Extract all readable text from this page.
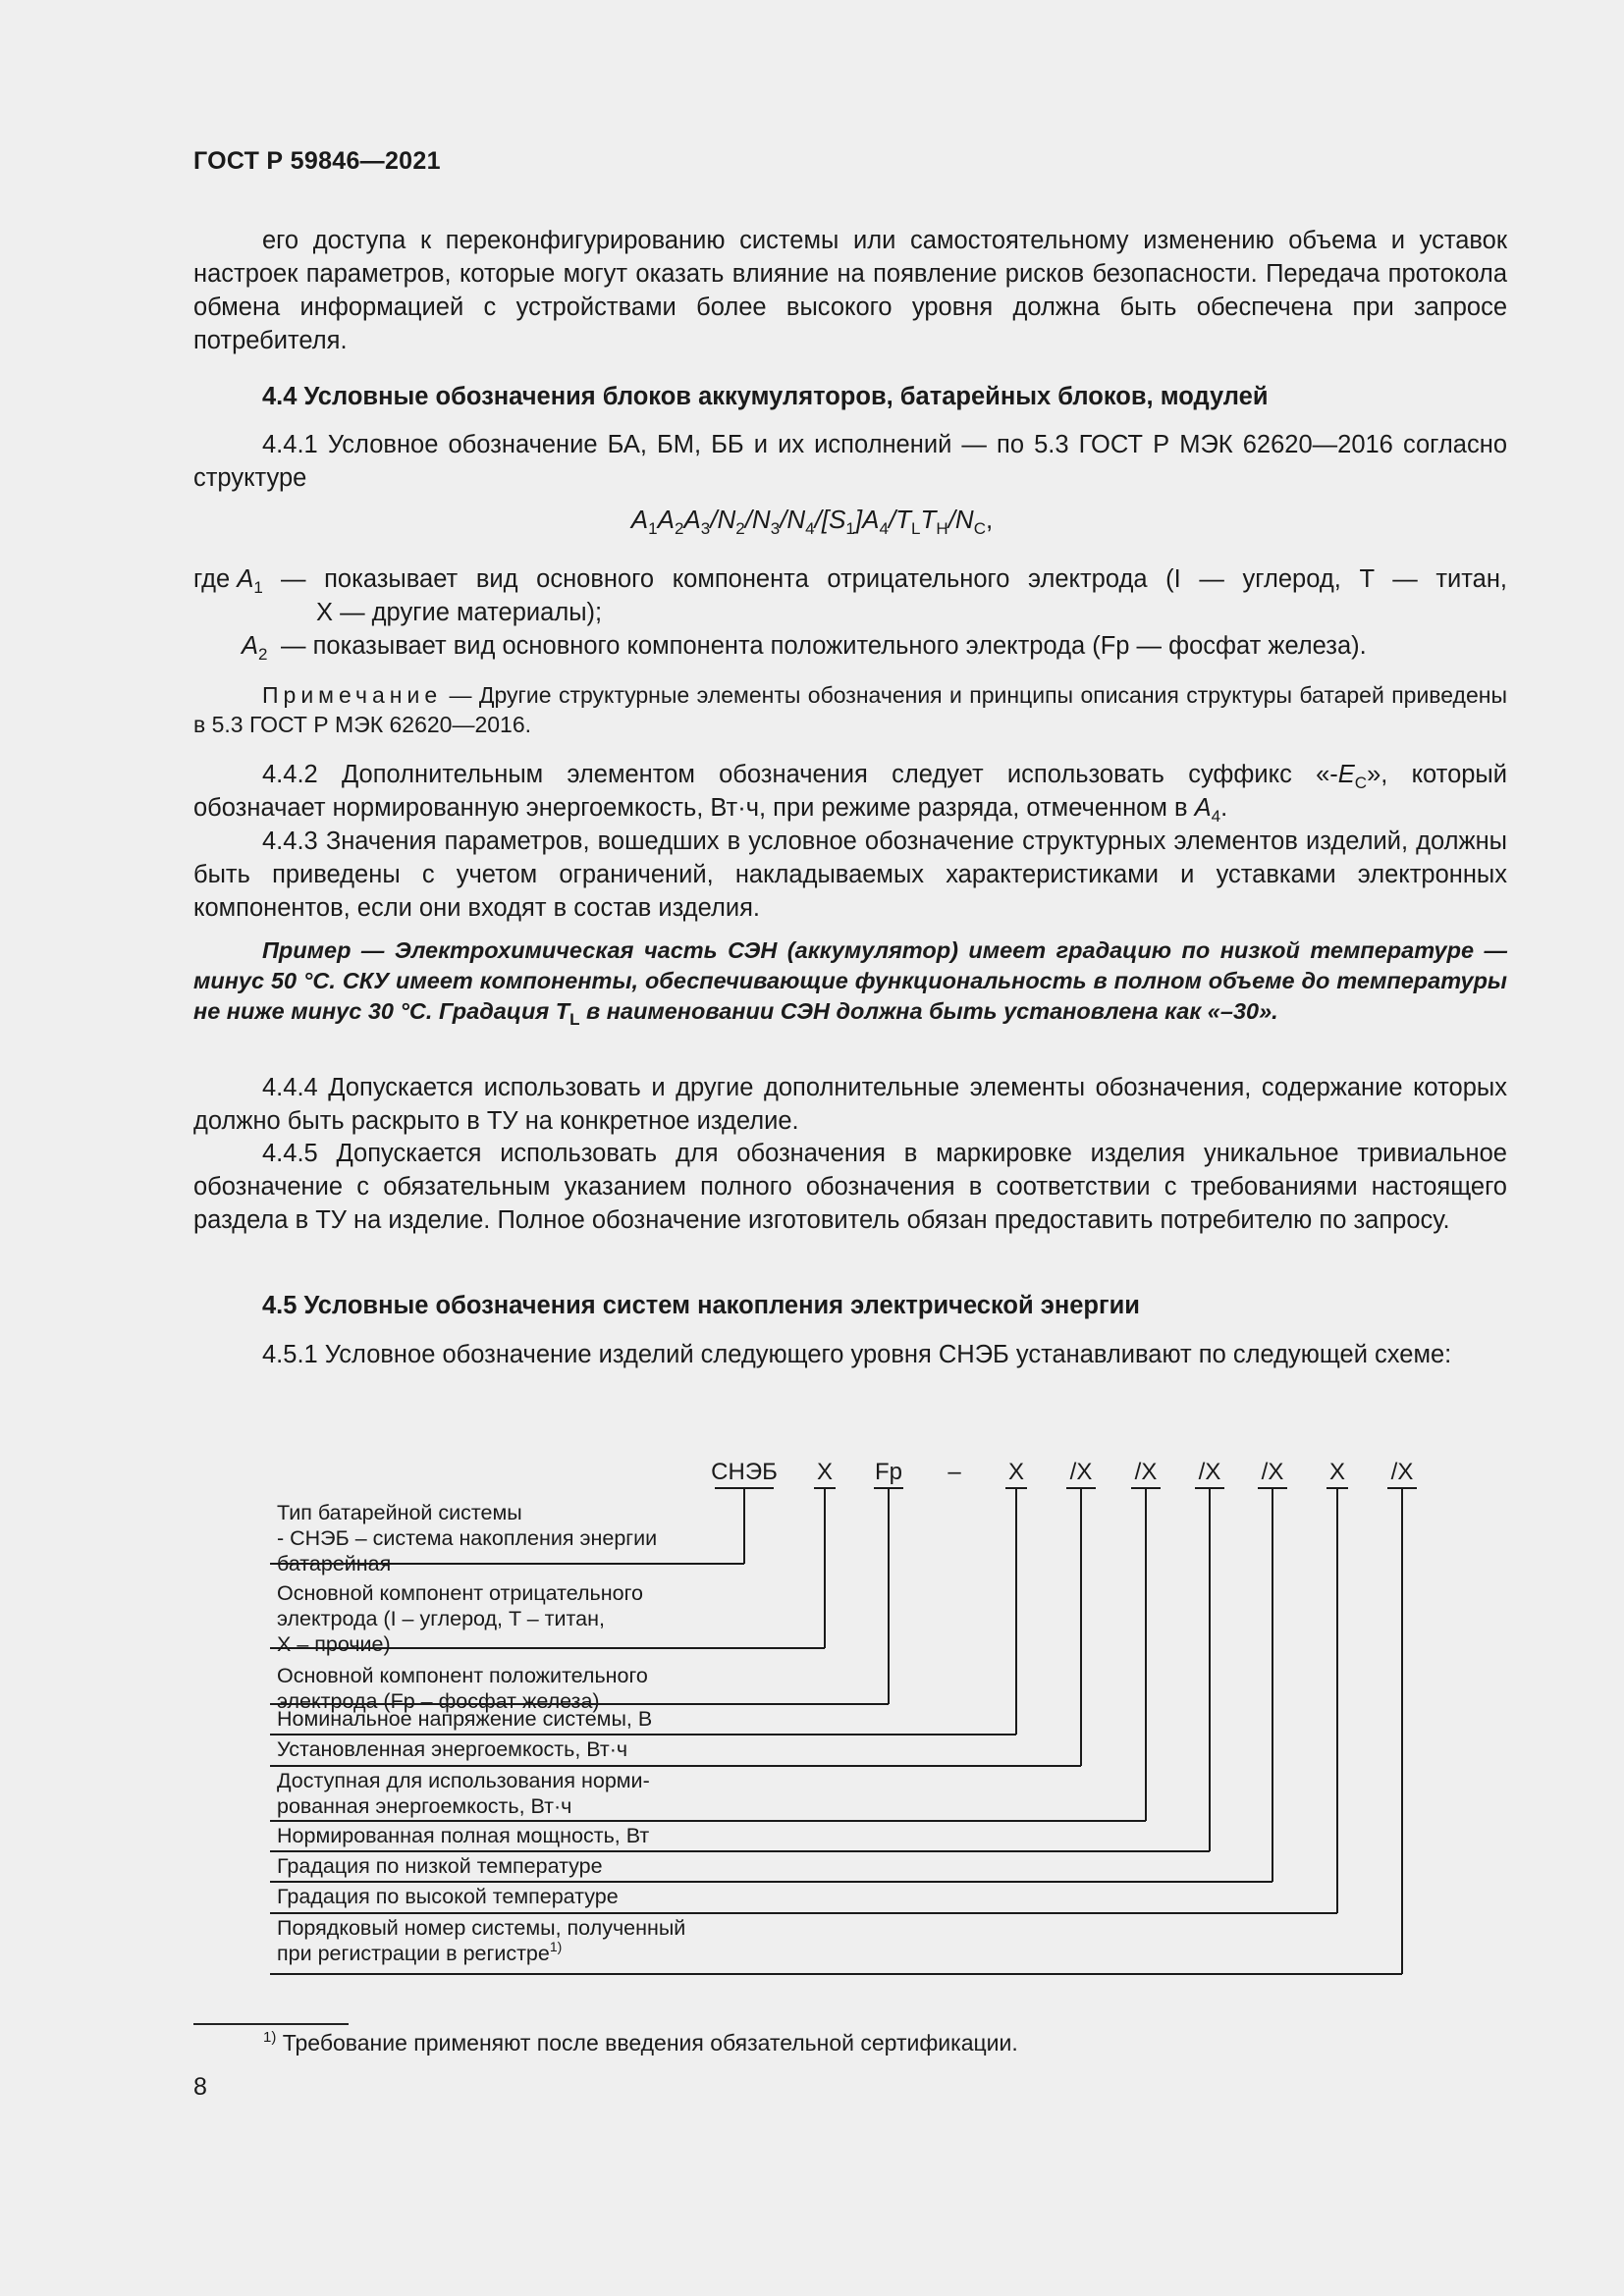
ГОСТ Р 59846—2021
его доступа к переконфигурированию системы или самостоятельному изменению объема и уставок настроек параметров, которые могут оказать влияние на появление рисков безопасности. Передача протокола обмена информацией с устройствами более высокого уровня должна быть обеспечена при запросе потребителя.
4.4 Условные обозначения блоков аккумуляторов, батарейных блоков, модулей
4.4.1 Условное обозначение БА, БМ, ББ и их исполнений — по 5.3 ГОСТ Р МЭК 62620—2016 согласно структуре
$A_1A_2A_3/N_2/N_3/N_4/[S_1]A_4/T_LT_H/N_C$,
где $A_1$ — показывает вид основного компонента отрицательного электрода (I — углерод, T — титан,
X — другие материалы);
$A_2$ — показывает вид основного компонента положительного электрода (Fp — фосфат железа).
Примечание — Другие структурные элементы обозначения и принципы описания структуры батарей приведены в 5.3 ГОСТ Р МЭК 62620—2016.
4.4.2 Дополнительным элементом обозначения следует использовать суффикс «$-E_C$», который обозначает нормированную энергоемкость, Вт·ч, при режиме разряда, отмеченном в $A_4$.
4.4.3 Значения параметров, вошедших в условное обозначение структурных элементов изделий, должны быть приведены с учетом ограничений, накладываемых характеристиками и уставками электронных компонентов, если они входят в состав изделия.
Пример — Электрохимическая часть СЭН (аккумулятор) имеет градацию по низкой температуре — минус 50 °С. СКУ имеет компоненты, обеспечивающие функциональность в полном объеме до температуры не ниже минус 30 °С. Градация $T_L$ в наименовании СЭН должна быть установлена как «–30».
4.4.4 Допускается использовать и другие дополнительные элементы обозначения, содержание которых должно быть раскрыто в ТУ на конкретное изделие.
4.4.5 Допускается использовать для обозначения в маркировке изделия уникальное тривиальное обозначение с обязательным указанием полного обозначения в соответствии с требованиями настоящего раздела в ТУ на изделие. Полное обозначение изготовитель обязан предоставить потребителю по запросу.
4.5 Условные обозначения систем накопления электрической энергии
4.5.1 Условное обозначение изделий следующего уровня СНЭБ устанавливают по следующей схеме:
СНЭБ X Fp – X /X /X /X /X X /X
Тип батарейной системы
- СНЭБ – система накопления энергии
батарейная
Основной компонент отрицательного
электрода (I – углерод, T – титан,
X – прочие)
Основной компонент положительного
электрода (Fp – фосфат железа)
Номинальное напряжение системы, В
Установленная энергоемкость, Вт·ч
Доступная для использования норми-
рованная энергоемкость, Вт·ч
Нормированная полная мощность, Вт
Градация по низкой температуре
Градация по высокой температуре
Порядковый номер системы, полученный
при регистрации в регистре$^{1)}$
$^{1)}$ Требование применяют после введения обязательной сертификации.
8
